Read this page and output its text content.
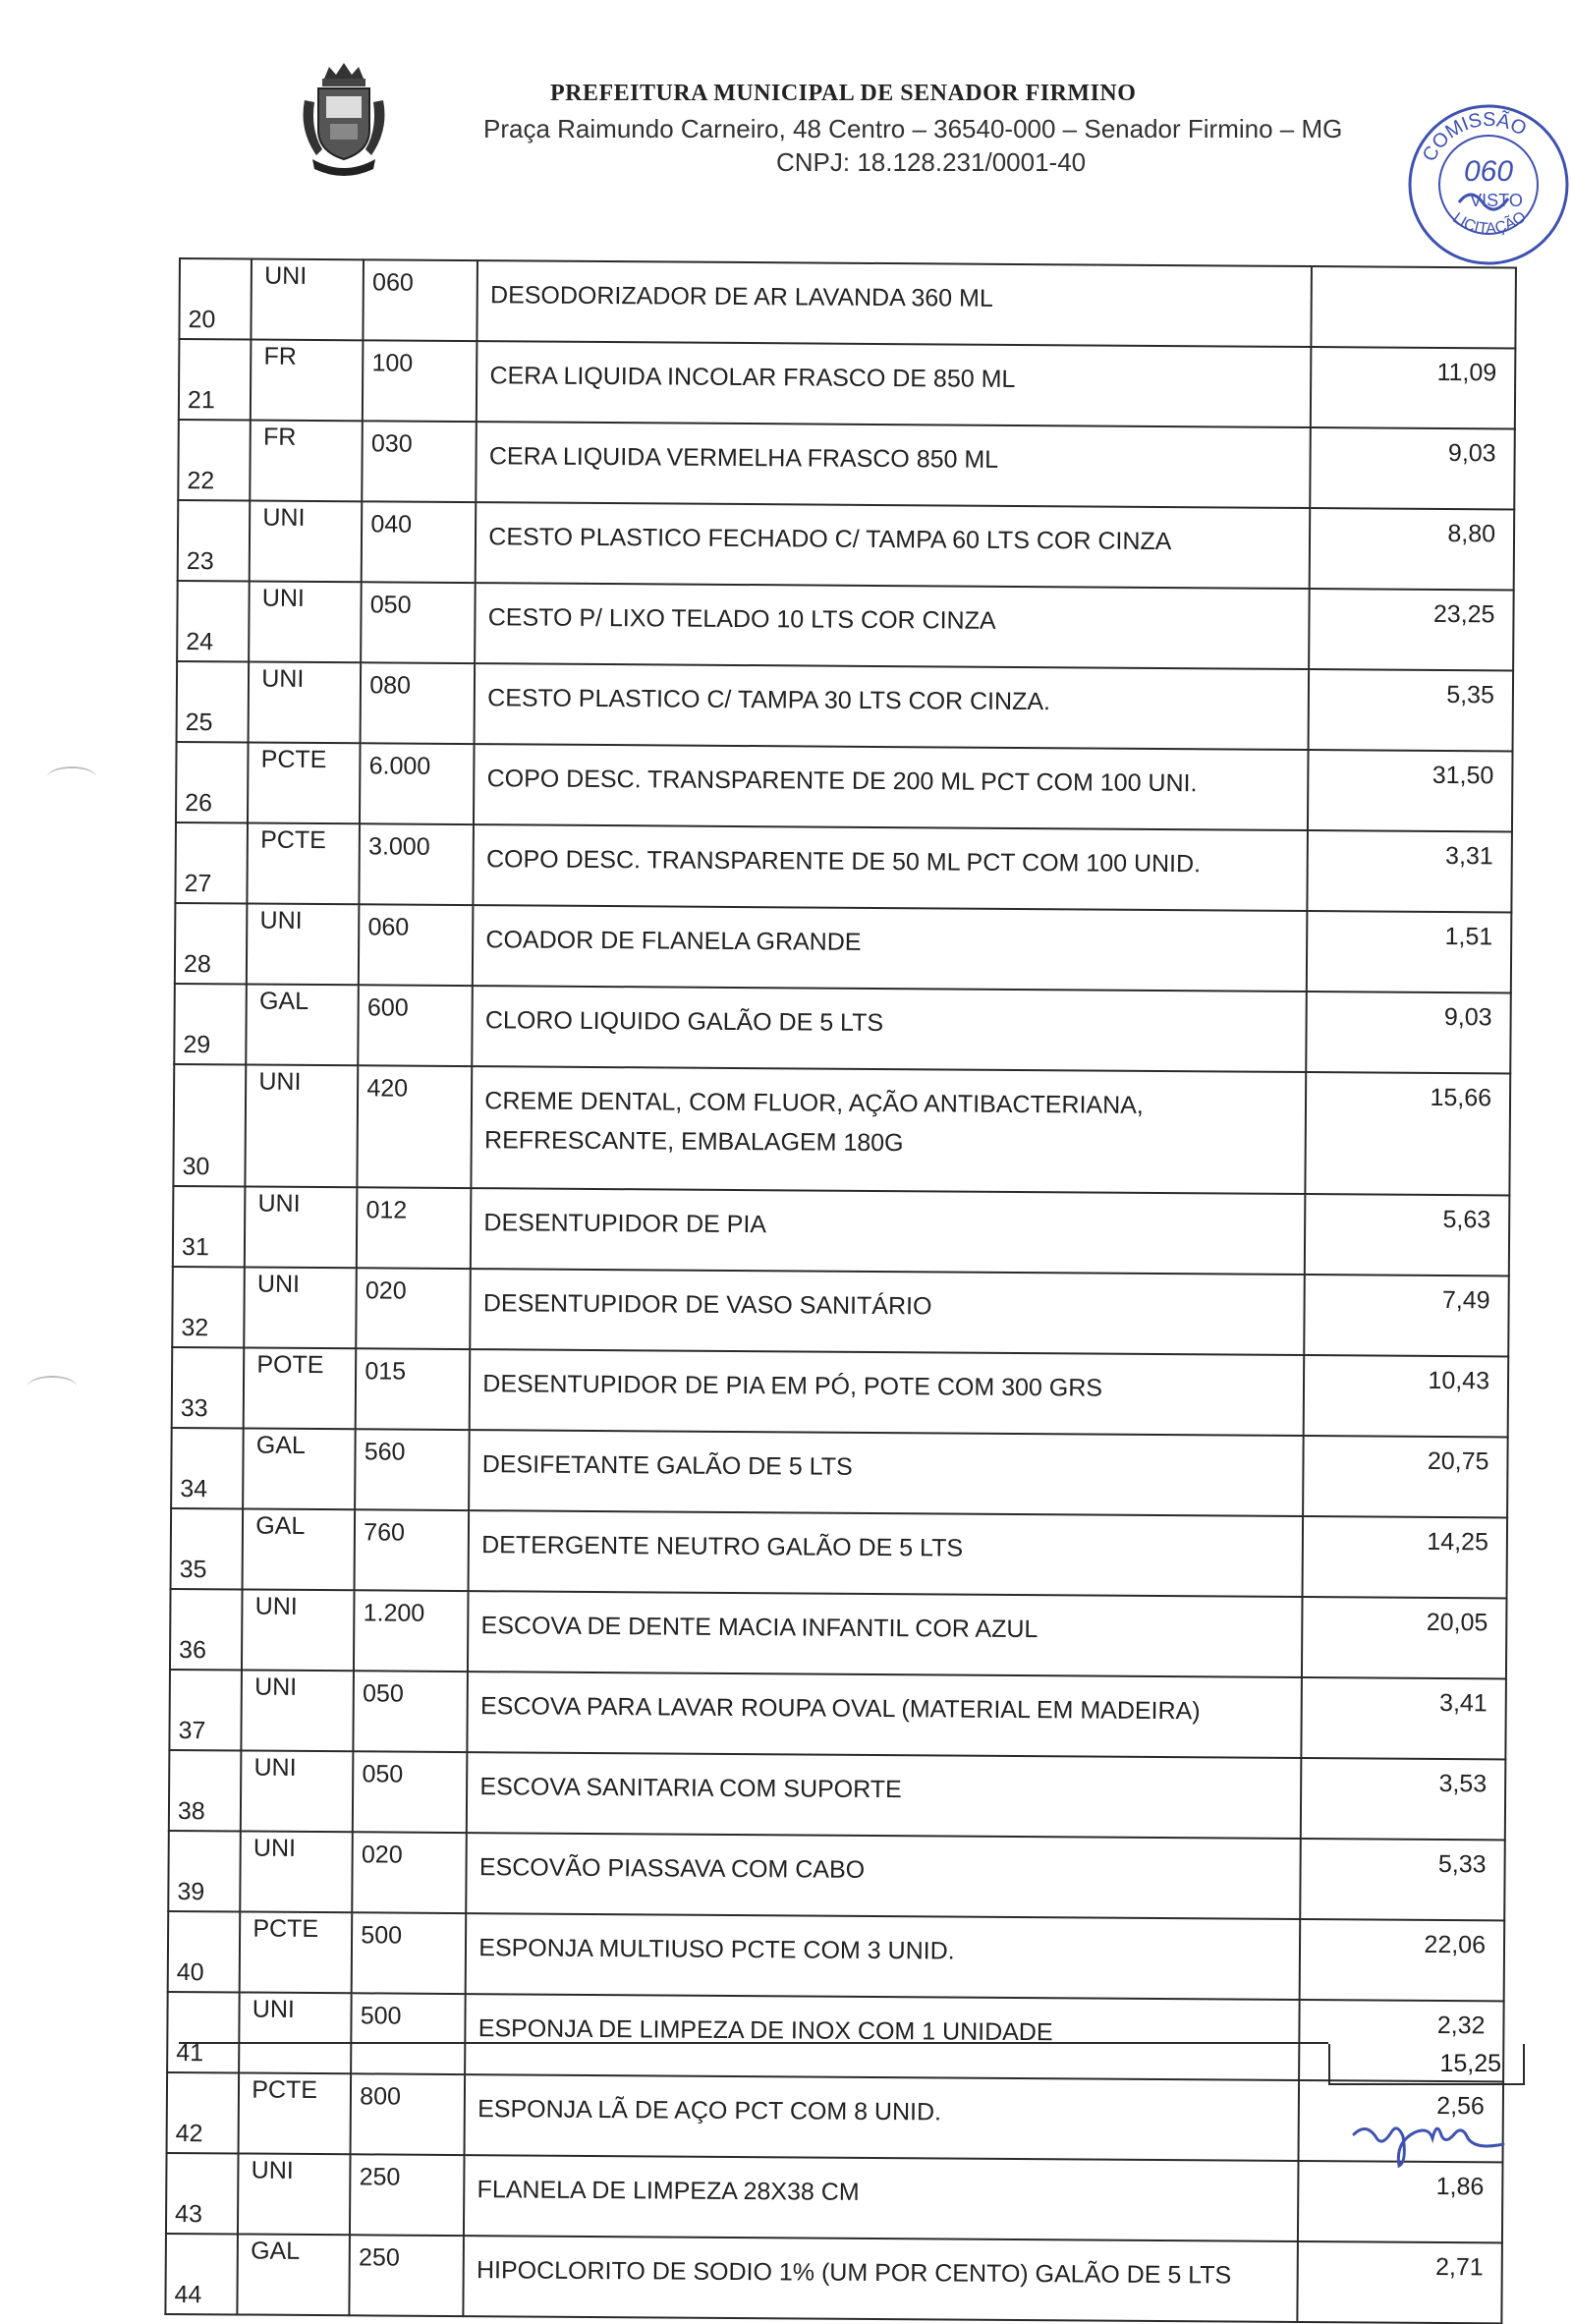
PREFEITURA MUNICIPAL DE SENADOR FIRMINO
Praça Raimundo Carneiro, 48 Centro – 36540-000 – Senador Firmino – MG
CNPJ: 18.128.231/0001-40	COMISSÃO
060
VISTO
LICITAÇÃO
20	UNI	060	DESODORIZADOR DE AR LAVANDA 360 ML	
21	FR	100	CERA LIQUIDA INCOLAR FRASCO DE 850 ML	11,09
22	FR	030	CERA LIQUIDA VERMELHA FRASCO 850 ML	9,03
23	UNI	040	CESTO PLASTICO FECHADO C/ TAMPA 60 LTS COR CINZA	8,80
24	UNI	050	CESTO P/ LIXO TELADO 10 LTS COR CINZA	23,25
25	UNI	080	CESTO PLASTICO C/ TAMPA 30 LTS COR CINZA.	5,35
26	PCTE	6.000	COPO DESC. TRANSPARENTE DE 200 ML PCT COM 100 UNI.	31,50
27	PCTE	3.000	COPO DESC. TRANSPARENTE DE 50 ML PCT COM 100 UNID.	3,31
28	UNI	060	COADOR DE FLANELA GRANDE	1,51
29	GAL	600	CLORO LIQUIDO GALÃO DE 5 LTS	9,03
30	UNI	420	CREME DENTAL, COM FLUOR, AÇÃO ANTIBACTERIANA, REFRESCANTE, EMBALAGEM 180G	15,66
31	UNI	012	DESENTUPIDOR DE PIA	5,63
32	UNI	020	DESENTUPIDOR DE VASO SANITÁRIO	7,49
33	POTE	015	DESENTUPIDOR DE PIA EM PÓ, POTE COM 300 GRS	10,43
34	GAL	560	DESIFETANTE GALÃO DE 5 LTS	20,75
35	GAL	760	DETERGENTE NEUTRO GALÃO DE 5 LTS	14,25
36	UNI	1.200	ESCOVA DE DENTE MACIA INFANTIL COR AZUL	20,05
37	UNI	050	ESCOVA PARA LAVAR ROUPA OVAL (MATERIAL EM MADEIRA)	3,41
38	UNI	050	ESCOVA SANITARIA COM SUPORTE	3,53
39	UNI	020	ESCOVÃO PIASSAVA COM CABO	5,33
40	PCTE	500	ESPONJA MULTIUSO PCTE COM 3 UNID.	22,06
41	UNI	500	ESPONJA DE LIMPEZA DE INOX COM 1 UNIDADE	2,32
42	PCTE	800	ESPONJA LÃ DE AÇO PCT COM 8 UNID.	2,56
43	UNI	250	FLANELA DE LIMPEZA 28X38 CM	1,86
44	GAL	250	HIPOCLORITO DE SODIO 1% (UM POR CENTO) GALÃO DE 5 LTS	2,71
15,25
